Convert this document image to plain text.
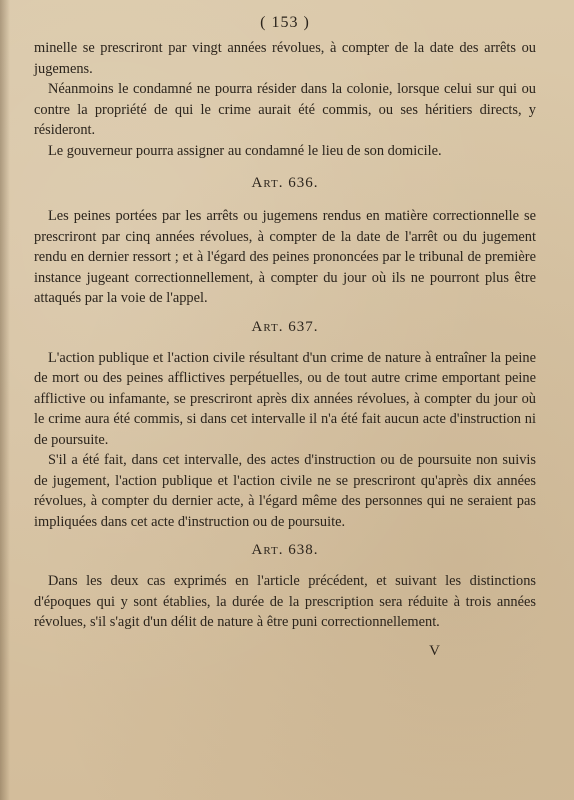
( 153 )

minelle se prescriront par vingt années révolues, à compter de la date des arrêts ou jugemens.

Néanmoins le condamné ne pourra résider dans la colonie, lorsque celui sur qui ou contre la propriété de qui le crime aurait été commis, ou ses héritiers directs, y résideront.

Le gouverneur pourra assigner au condamné le lieu de son domicile.

Art. 636.

Les peines portées par les arrêts ou jugemens rendus en matière correctionnelle se prescriront par cinq années révolues, à compter de la date de l'arrêt ou du jugement rendu en dernier ressort ; et à l'égard des peines prononcées par le tribunal de première instance jugeant correctionnellement, à compter du jour où ils ne pourront plus être attaqués par la voie de l'appel.

Art. 637.

L'action publique et l'action civile résultant d'un crime de nature à entraîner la peine de mort ou des peines afflictives perpétuelles, ou de tout autre crime emportant peine afflictive ou infamante, se prescriront après dix années révolues, à compter du jour où le crime aura été commis, si dans cet intervalle il n'a été fait aucun acte d'instruction ni de poursuite.

S'il a été fait, dans cet intervalle, des actes d'instruction ou de poursuite non suivis de jugement, l'action publique et l'action civile ne se prescriront qu'après dix années révolues, à compter du dernier acte, à l'égard même des personnes qui ne seraient pas impliquées dans cet acte d'instruction ou de poursuite.

Art. 638.

Dans les deux cas exprimés en l'article précédent, et suivant les distinctions d'époques qui y sont établies, la durée de la prescription sera réduite à trois années révolues, s'il s'agit d'un délit de nature à être puni correctionnellement.

V
